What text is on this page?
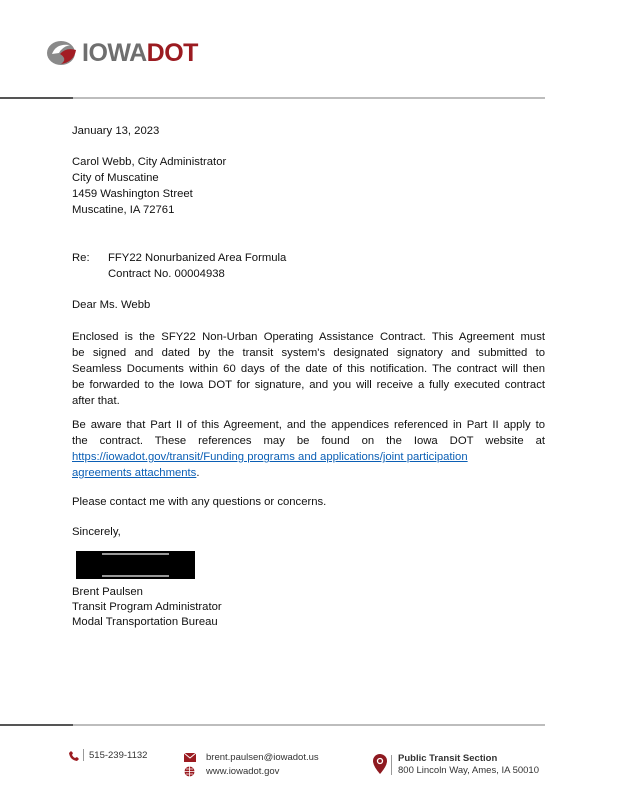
IOWA DOT
January 13, 2023
Carol Webb, City Administrator
City of Muscatine
1459 Washington Street
Muscatine, IA 72761
Re: FFY22 Nonurbanized Area Formula
Contract No. 00004938
Dear Ms. Webb
Enclosed is the SFY22 Non-Urban Operating Assistance Contract. This Agreement must
be signed and dated by the transit system's designated signatory and submitted to
Seamless Documents within 60 days of the date of this notification. The contract will then
be forwarded to the Iowa DOT for signature, and you will receive a fully executed contract
after that.
Be aware that Part II of this Agreement, and the appendices referenced in Part II apply to
the contract. These references may be found on the Iowa DOT website at
https://iowadot.gov/transit/Funding programs and applications/joint participation
agreements attachments.
Please contact me with any questions or concerns.
Sincerely,
Brent Paulsen
Transit Program Administrator
Modal Transportation Bureau
515-239-1132	brent.paulsen@iowadot.us
www.iowadot.gov
Public Transit Section
800 Lincoln Way, Ames, IA 50010
